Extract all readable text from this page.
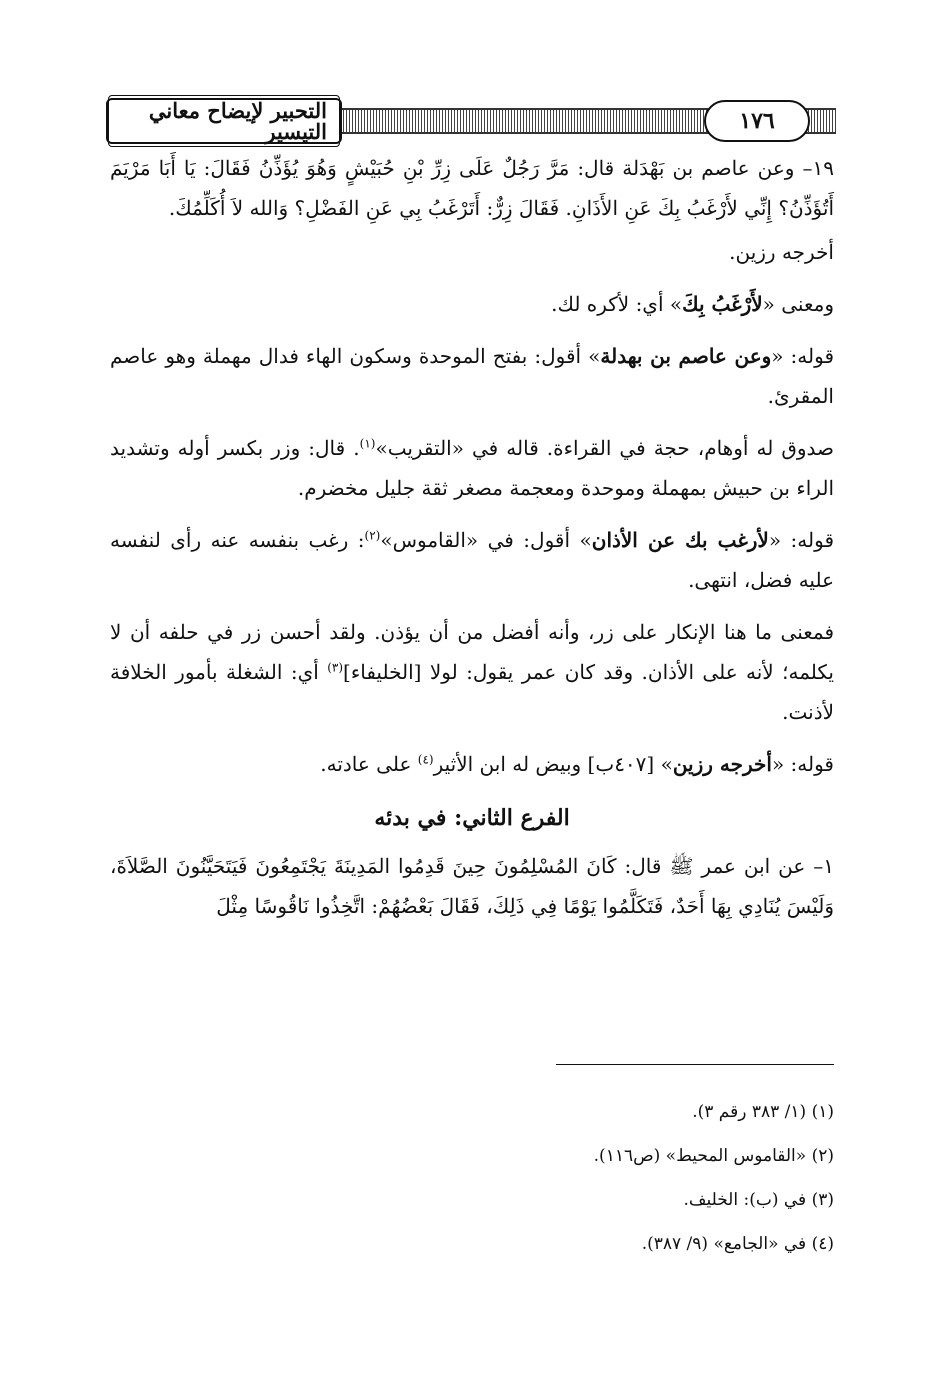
التحبير لإيضاح معاني التيسير	١٧٦

١٩– وعن عاصم بن بَهْدَلة قال: مَرَّ رَجُلٌ عَلَى زِرِّ بْنِ حُبَيْشٍ وَهُوَ يُؤَذِّنُ فَقَالَ: يَا أَبَا مَرْيَمَ أَتُؤَذِّنُ؟ إِنِّي لأَرْغَبُ بِكَ عَنِ الأَذَانِ. فَقَالَ زِرٌّ: أَتَرْغَبُ بِي عَنِ الفَضْلِ؟ وَالله لاَ أُكَلِّمُكَ.

أخرجه رزين.

ومعنى «لأَرْغَبُ بِكَ» أي: لأكره لك.

قوله: «وعن عاصم بن بهدلة» أقول: بفتح الموحدة وسكون الهاء فدال مهملة وهو عاصم المقرئ.

صدوق له أوهام، حجة في القراءة. قاله في «التقريب»$^{(١)}$. قال: وزر بكسر أوله وتشديد الراء بن حبيش بمهملة وموحدة ومعجمة مصغر ثقة جليل مخضرم.

قوله: «لأرغب بك عن الأذان» أقول: في «القاموس»$^{(٢)}$: رغب بنفسه عنه رأى لنفسه عليه فضل، انتهى.

فمعنى ما هنا الإنكار على زر، وأنه أفضل من أن يؤذن. ولقد أحسن زر في حلفه أن لا يكلمه؛ لأنه على الأذان. وقد كان عمر يقول: لولا [الخليفاء]$^{(٣)}$ أي: الشغلة بأمور الخلافة لأذنت.

قوله: «أخرجه رزين» [٤٠٧ب] وبيض له ابن الأثير$^{(٤)}$ على عادته.

الفرع الثاني: في بدئه

١– عن ابن عمر ﷺ قال: كَانَ المُسْلِمُونَ حِينَ قَدِمُوا المَدِينَةَ يَجْتَمِعُونَ فَيَتَحَيَّنُونَ الصَّلاَةَ، وَلَيْسَ يُنَادِي بِهَا أَحَدٌ، فَتَكَلَّمُوا يَوْمًا فِي ذَلِكَ، فَقَالَ بَعْضُهُمْ: اتَّخِذُوا نَاقُوسًا مِثْلَ

(١) (١/ ٣٨٣ رقم ٣).

(٢) «القاموس المحيط» (ص١١٦).

(٣) في (ب): الخليف.

(٤) في «الجامع» (٩/ ٣٨٧).
